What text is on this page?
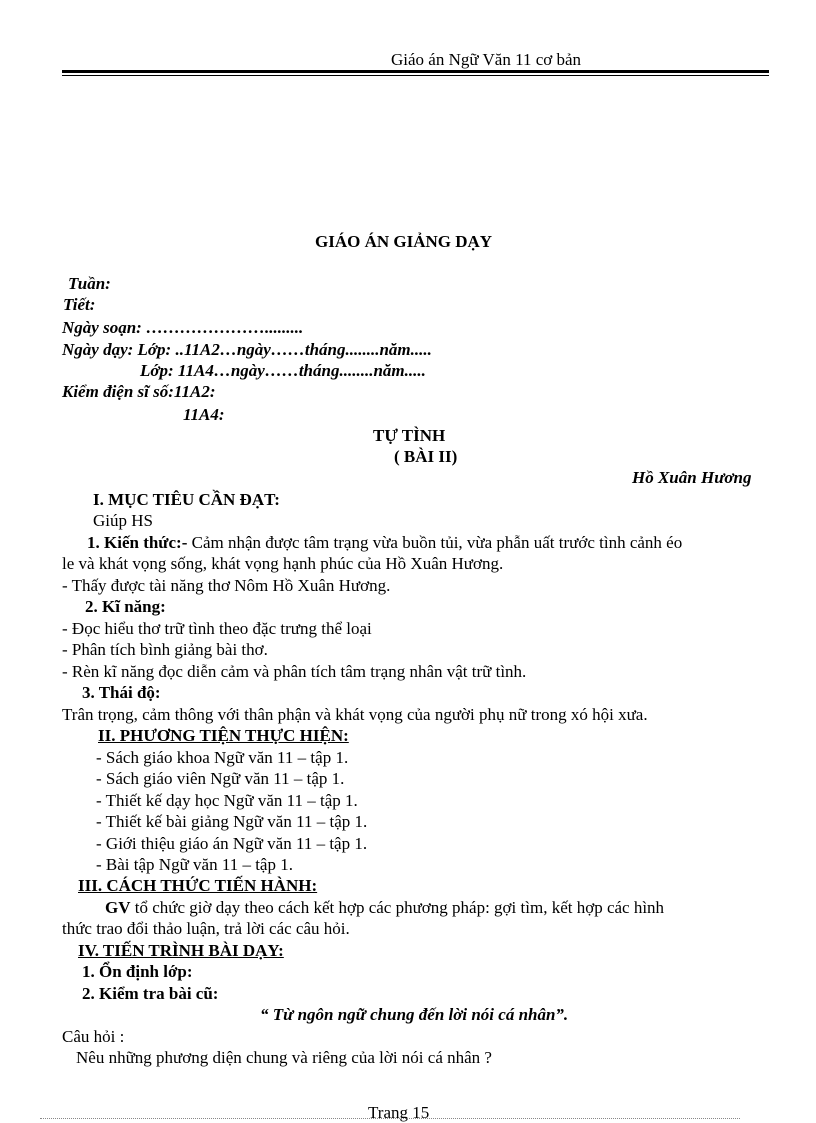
Giáo án Ngữ Văn 11 cơ bản
GIÁO ÁN GIẢNG DẠY
Tuần:
Tiết:
Ngày soạn: ………………….........
Ngày dạy: Lớp: ..11A2…ngày……tháng........năm.....
Lớp: 11A4…ngày……tháng........năm.....
Kiểm điện sĩ số:11A2:
11A4:
TỰ TÌNH
( BÀI II)
Hồ Xuân Hương
I. MỤC TIÊU CẦN ĐẠT:
Giúp HS
1. Kiến thức:- Cảm nhận được tâm trạng vừa buồn tủi, vừa phẫn uất trước tình cảnh éo
le và khát vọng sống, khát vọng hạnh phúc của Hồ Xuân Hương.
- Thấy được tài năng thơ Nôm Hồ Xuân Hương.
2. Kĩ năng:
- Đọc hiểu thơ trữ tình theo đặc trưng thể loại
- Phân tích bình giảng bài thơ.
- Rèn kĩ năng đọc diễn cảm và phân tích tâm trạng nhân vật trữ tình.
3. Thái độ:
Trân trọng, cảm thông với thân phận và khát vọng của người phụ nữ trong xó hội xưa.
II. PHƯƠNG TIỆN THỰC HIỆN:
- Sách giáo khoa Ngữ văn 11 – tập 1.
- Sách giáo viên Ngữ văn 11 – tập 1.
- Thiết kế dạy học Ngữ văn 11 – tập 1.
- Thiết kế bài giảng Ngữ văn 11 – tập 1.
- Giới thiệu giáo án Ngữ văn 11 – tập 1.
- Bài tập Ngữ văn 11 – tập 1.
III. CÁCH THỨC TIẾN HÀNH:
GV tổ chức giờ dạy theo cách kết hợp các phương pháp: gợi tìm, kết hợp các hình
thức trao đổi thảo luận, trả lời các câu hỏi.
IV. TIẾN TRÌNH BÀI DẠY:
1. Ổn định lớp:
2. Kiểm tra bài cũ:
“ Từ ngôn ngữ chung đến lời nói cá nhân”.
Câu hỏi :
Nêu những phương diện chung và riêng của lời nói cá nhân ?
Trang 15
